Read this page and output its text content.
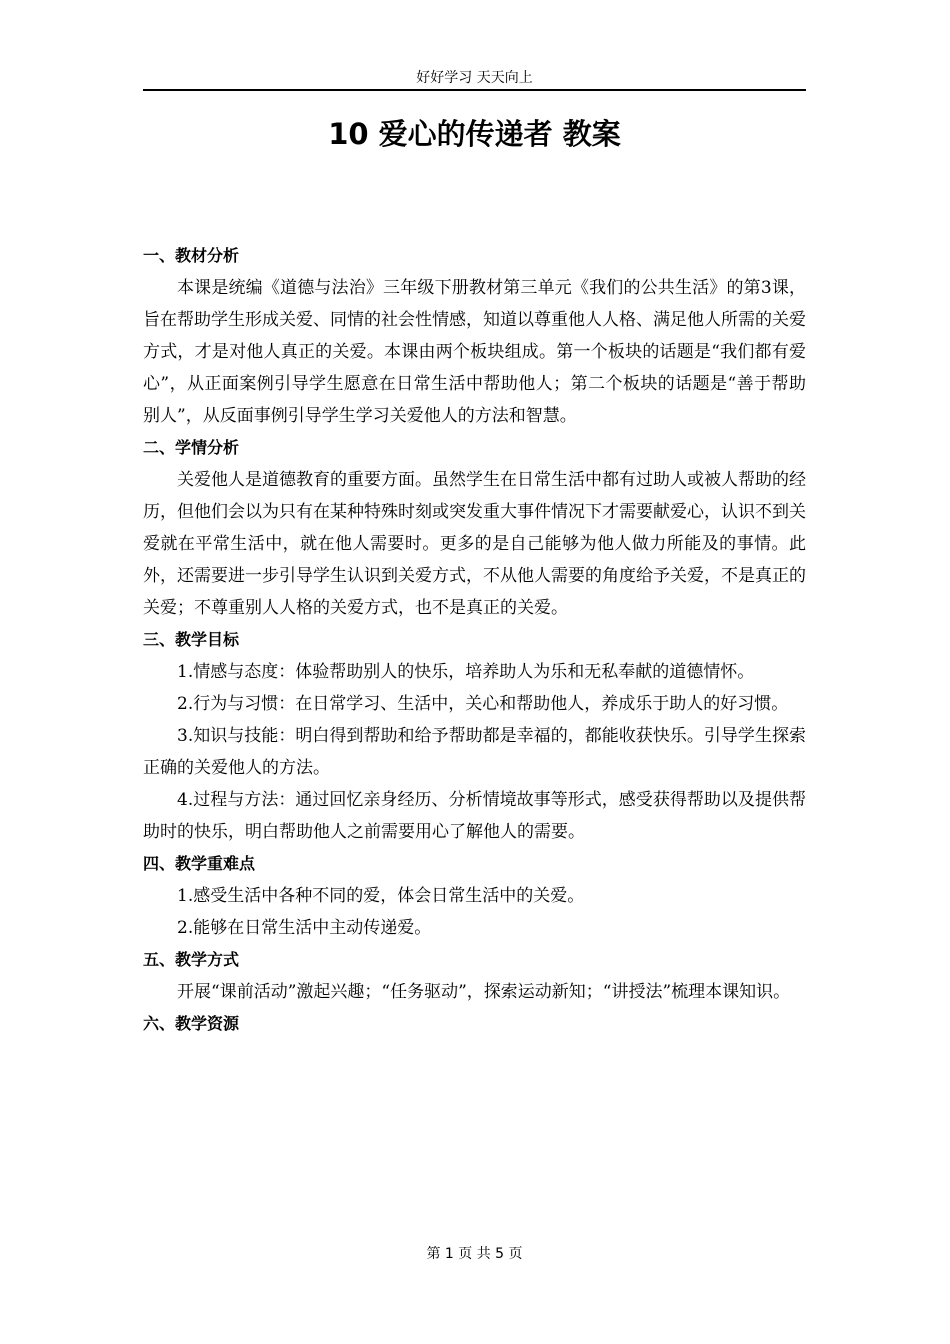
好好学习 天天向上
10 爱心的传递者 教案

一、教材分析

本课是统编《道德与法治》三年级下册教材第三单元《我们的公共生活》的第3课，旨在帮助学生形成关爱、同情的社会性情感，知道以尊重他人人格、满足他人所需的关爱方式，才是对他人真正的关爱。本课由两个板块组成。第一个板块的话题是“我们都有爱心”，从正面案例引导学生愿意在日常生活中帮助他人；第二个板块的话题是“善于帮助别人”，从反面事例引导学生学习关爱他人的方法和智慧。

二、学情分析

关爱他人是道德教育的重要方面。虽然学生在日常生活中都有过助人或被人帮助的经历，但他们会以为只有在某种特殊时刻或突发重大事件情况下才需要献爱心，认识不到关爱就在平常生活中，就在他人需要时。更多的是自己能够为他人做力所能及的事情。此外，还需要进一步引导学生认识到关爱方式，不从他人需要的角度给予关爱，不是真正的关爱；不尊重别人人格的关爱方式，也不是真正的关爱。

三、教学目标

1.情感与态度：体验帮助别人的快乐，培养助人为乐和无私奉献的道德情怀。

2.行为与习惯：在日常学习、生活中，关心和帮助他人，养成乐于助人的好习惯。

3.知识与技能：明白得到帮助和给予帮助都是幸福的，都能收获快乐。引导学生探索正确的关爱他人的方法。

4.过程与方法：通过回忆亲身经历、分析情境故事等形式，感受获得帮助以及提供帮助时的快乐，明白帮助他人之前需要用心了解他人的需要。

四、教学重难点

1.感受生活中各种不同的爱，体会日常生活中的关爱。

2.能够在日常生活中主动传递爱。

五、教学方式

开展“课前活动”激起兴趣；“任务驱动”，探索运动新知；“讲授法”梳理本课知识。

六、教学资源

第 1 页 共 5 页
